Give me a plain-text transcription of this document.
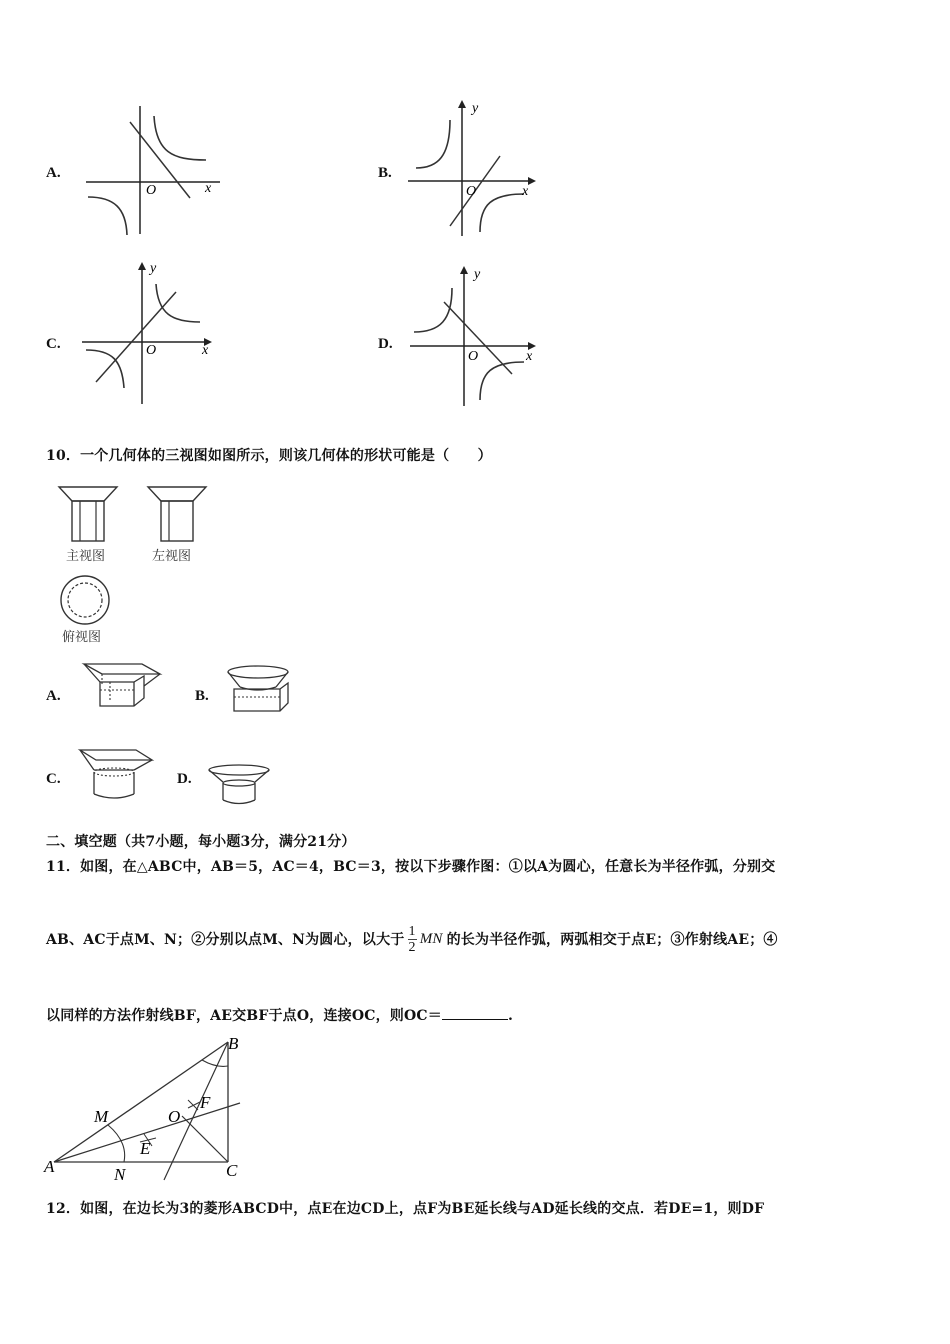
A.
O	x
B.
O	x
y
C.	O	x
y
D.
O	x
y
10．一个几何体的三视图如图所示，则该几何体的形状可能是（　　）
主视图	左视图
俯视图
A.	B.
C.	D.
二、填空题（共7小题，每小题3分，满分21分）
11．如图，在△ABC中，AB＝5，AC＝4，BC＝3，按以下步骤作图：①以A为圆心，任意长为半径作弧，分别交
AB、AC于点M、N；②分别以点M、N为圆心，以大于 $\frac{1}{2}$ MN 的长为半径作弧，两弧相交于点E；③作射线AE；④
以同样的方法作射线BF，AE交BF于点O，连接OC，则OC＝	.
A
B
C
M
N
E
F
O
12．如图，在边长为3的菱形ABCD中，点E在边CD上，点F为BE延长线与AD延长线的交点．若DE=1，则DF
